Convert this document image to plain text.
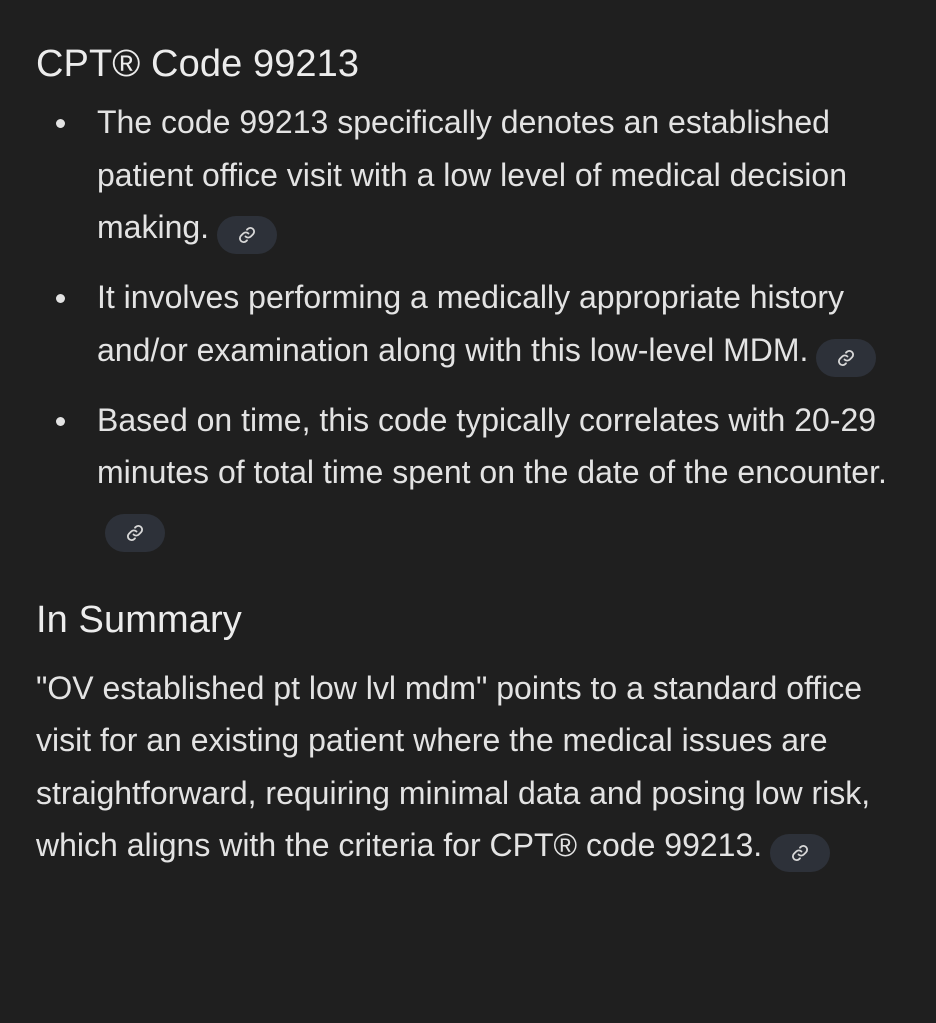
CPT® Code 99213
The code 99213 specifically denotes an established patient office visit with a low level of medical decision making.
It involves performing a medically appropriate history and/or examination along with this low-level MDM.
Based on time, this code typically correlates with 20-29 minutes of total time spent on the date of the encounter.
In Summary

"OV established pt low lvl mdm" points to a standard office visit for an existing patient where the medical issues are straightforward, requiring minimal data and posing low risk, which aligns with the criteria for CPT® code 99213.
